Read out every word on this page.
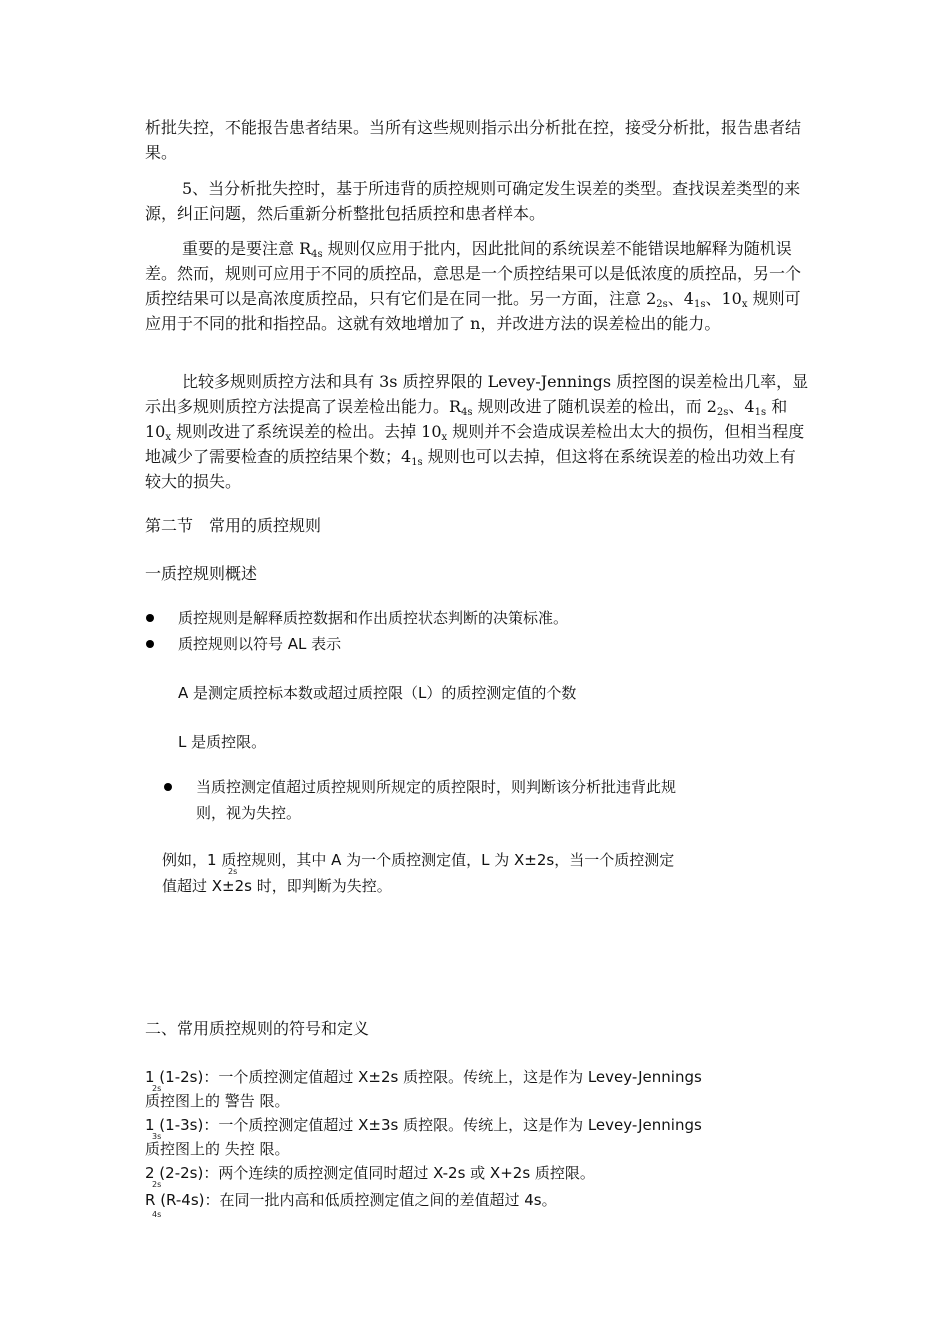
析批失控，不能报告患者结果。当所有这些规则指示出分析批在控，接受分析批，报告患者结果。

5、当分析批失控时，基于所违背的质控规则可确定发生误差的类型。查找误差类型的来源，纠正问题，然后重新分析整批包括质控和患者样本。

重要的是要注意 $R_{4s}$ 规则仅应用于批内，因此批间的系统误差不能错误地解释为随机误差。然而，规则可应用于不同的质控品，意思是一个质控结果可以是低浓度的质控品，另一个质控结果可以是高浓度质控品，只有它们是在同一批。另一方面，注意 $2_{2s}$、$4_{1s}$、$10_x$ 规则可应用于不同的批和指控品。这就有效地增加了 n，并改进方法的误差检出的能力。

比较多规则质控方法和具有 3s 质控界限的 Levey-Jennings 质控图的误差检出几率，显示出多规则质控方法提高了误差检出能力。$R_{4s}$ 规则改进了随机误差的检出，而 $2_{2s}$、$4_{1s}$ 和 $10_x$ 规则改进了系统误差的检出。去掉 $10_x$ 规则并不会造成误差检出太大的损伤，但相当程度地减少了需要检查的质控结果个数；$4_{1s}$ 规则也可以去掉，但这将在系统误差的检出功效上有较大的损失。

第二节　常用的质控规则
一质控规则概述
质控规则是解释质控数据和作出质控状态判断的决策标准。
质控规则以符号 AL 表示
A 是测定质控标本数或超过质控限（L）的质控测定值的个数
L 是质控限。
当质控测定值超过质控规则所规定的质控限时，则判断该分析批违背此规
则，视为失控。
例如，1 质控规则，其中 A 为一个质控测定值，L 为 X±2s，当一个质控测定
2s
值超过 X±2s 时，即判断为失控。
二、常用质控规则的符号和定义
1 (1-2s)：一个质控测定值超过 X±2s 质控限。传统上，这是作为 Levey-Jennings
2s
质控图上的 警告 限。
1 (1-3s)：一个质控测定值超过 X±3s 质控限。传统上，这是作为 Levey-Jennings
3s
质控图上的 失控 限。
2 (2-2s)：两个连续的质控测定值同时超过 X-2s 或 X+2s 质控限。
2s
R (R-4s)：在同一批内高和低质控测定值之间的差值超过 4s。
4s
